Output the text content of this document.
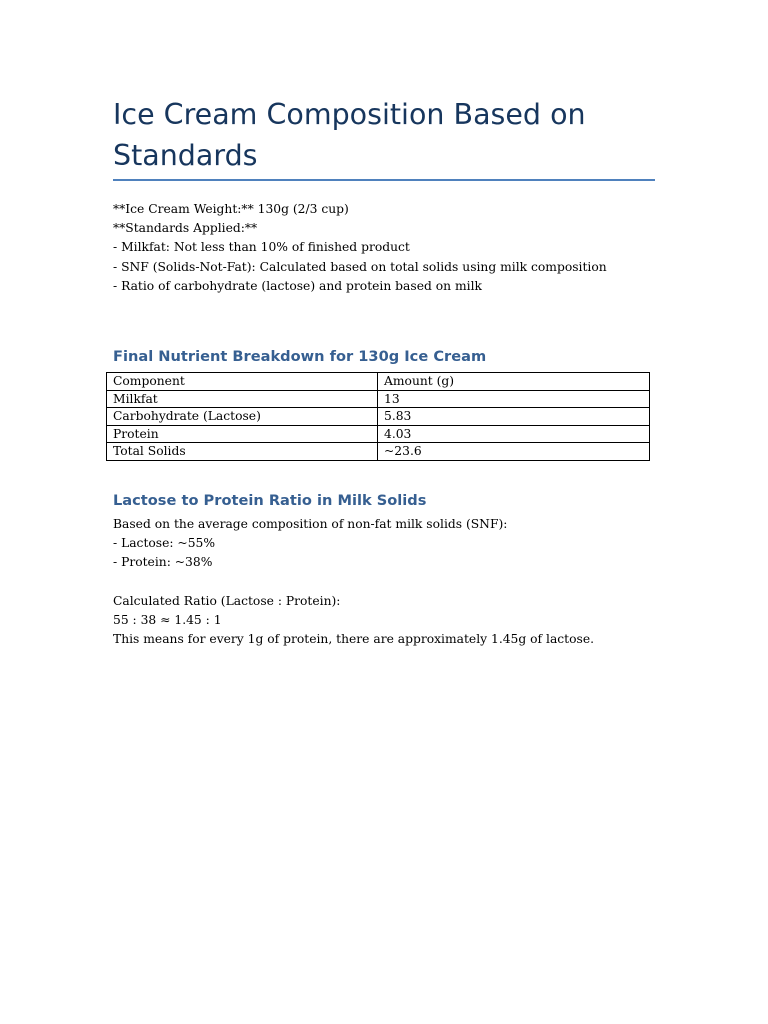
Ice Cream Composition Based on Standards

**Ice Cream Weight:** 130g (2/3 cup)

**Standards Applied:**

- Milkfat: Not less than 10% of finished product

- SNF (Solids-Not-Fat): Calculated based on total solids using milk composition

- Ratio of carbohydrate (lactose) and protein based on milk

Final Nutrient Breakdown for 130g Ice Cream
Component	Amount (g)
Milkfat	13
Carbohydrate (Lactose)	5.83
Protein	4.03
Total Solids	~23.6
Lactose to Protein Ratio in Milk Solids

Based on the average composition of non-fat milk solids (SNF):

- Lactose: ~55%

- Protein: ~38%

Calculated Ratio (Lactose : Protein):

55 : 38 ≈ 1.45 : 1

This means for every 1g of protein, there are approximately 1.45g of lactose.
